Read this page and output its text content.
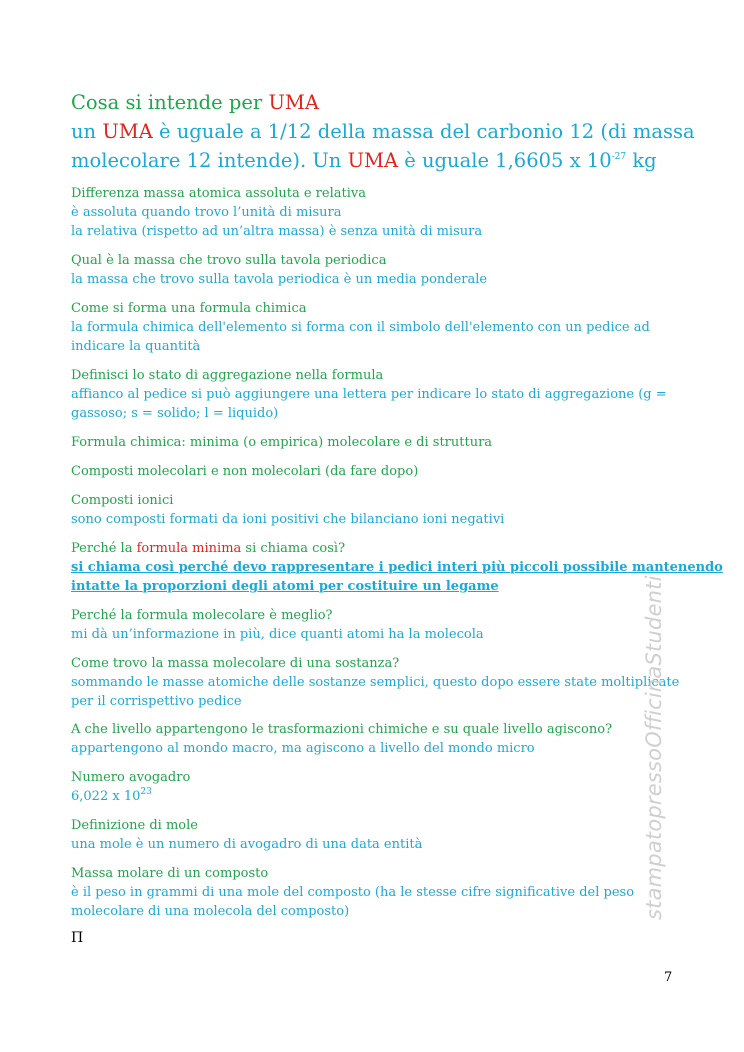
Cosa si intende per UMA
un UMA è uguale a 1/12 della massa del carbonio 12 (di massa
molecolare 12 intende). Un UMA è uguale 1,6605 x $10^{-27}$ kg
Differenza massa atomica assoluta e relativa
è assoluta quando trovo l’unità di misura
la relativa (rispetto ad un’altra massa) è senza unità di misura
Qual è la massa che trovo sulla tavola periodica
la massa che trovo sulla tavola periodica è un media ponderale
Come si forma una formula chimica
la formula chimica dell'elemento si forma con il simbolo dell'elemento con un pedice ad
indicare la quantità
Definisci lo stato di aggregazione nella formula
affianco al pedice si può aggiungere una lettera per indicare lo stato di aggregazione (g =
gassoso; s = solido; l = liquido)
Formula chimica: minima (o empirica) molecolare e di struttura
Composti molecolari e non molecolari (da fare dopo)
Composti ionici
sono composti formati da ioni positivi che bilanciano ioni negativi
Perché la formula minima si chiama così?
si chiama così perché devo rappresentare i pedici interi più piccoli possibile mantenendo
intatte la proporzioni degli atomi per costituire un legame
Perché la formula molecolare è meglio?
mi dà un’informazione in più, dice quanti atomi ha la molecola
Come trovo la massa molecolare di una sostanza?
sommando le masse atomiche delle sostanze semplici, questo dopo essere state moltiplicate
per il corrispettivo pedice
A che livello appartengono le trasformazioni chimiche e su quale livello agiscono?
appartengono al mondo macro, ma agiscono a livello del mondo micro
Numero avogadro
6,022 x $10^{23}$
Definizione di mole
una mole è un numero di avogadro di una data entità
Massa molare di un composto
è il peso in grammi di una mole del composto (ha le stesse cifre significative del peso
molecolare di una molecola del composto)
Π
7
stampatopressoOfficinaStudenti
